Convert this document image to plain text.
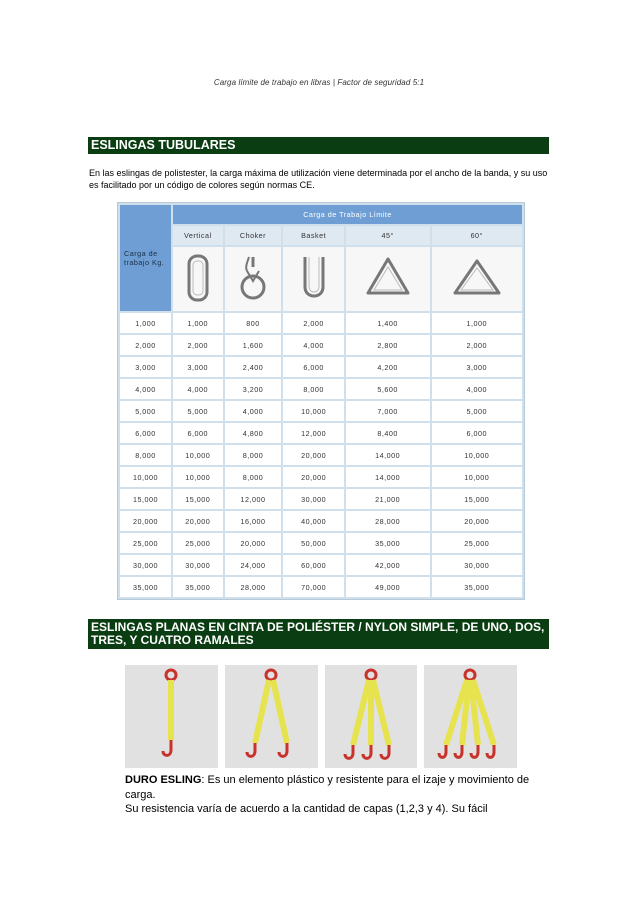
Carga límite de trabajo en libras | Factor de seguridad 5:1
ESLINGAS TUBULARES
En las eslingas de polistester, la carga máxima de utilización viene determinada por el ancho de la banda, y su uso es facilitado por un código de colores según normas CE.
Carga de trabajo Kg.	Carga de Trabajo Límite				
	Vertical	Choker	Basket	45°	60°

1,000	1,000	800	2,000	1,400	1,000
2,000	2,000	1,600	4,000	2,800	2,000
3,000	3,000	2,400	6,000	4,200	3,000
4,000	4,000	3,200	8,000	5,600	4,000
5,000	5,000	4,000	10,000	7,000	5,000
6,000	6,000	4,800	12,000	8,400	6,000
8,000	10,000	8,000	20,000	14,000	10,000
10,000	10,000	8,000	20,000	14,000	10,000
15,000	15,000	12,000	30,000	21,000	15,000
20,000	20,000	16,000	40,000	28,000	20,000
25,000	25,000	20,000	50,000	35,000	25,000
30,000	30,000	24,000	60,000	42,000	30,000
35,000	35,000	28,000	70,000	49,000	35,000
ESLINGAS PLANAS EN CINTA DE POLIÉSTER / NYLON SIMPLE, DE UNO, DOS, TRES, Y CUATRO RAMALES
DURO ESLING: Es un elemento plástico y resistente para el izaje y movimiento de carga.
Su resistencia varía de acuerdo a la cantidad de capas (1,2,3 y 4). Su fácil
